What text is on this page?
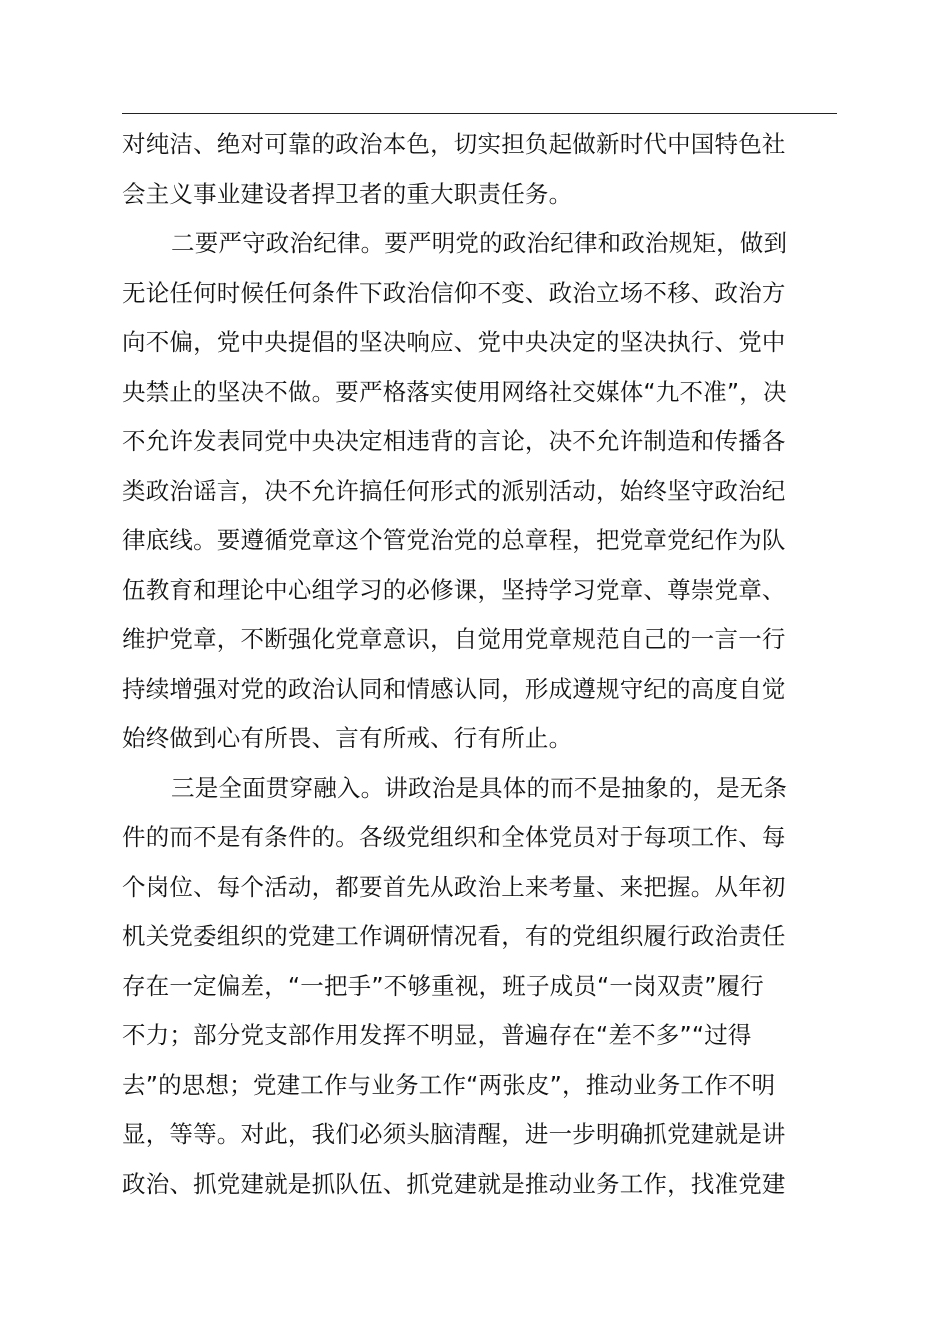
对纯洁、绝对可靠的政治本色，切实担负起做新时代中国特色社
会主义事业建设者捍卫者的重大职责任务。
二要严守政治纪律。要严明党的政治纪律和政治规矩，做到
无论任何时候任何条件下政治信仰不变、政治立场不移、政治方
向不偏，党中央提倡的坚决响应、党中央决定的坚决执行、党中
央禁止的坚决不做。要严格落实使用网络社交媒体“九不准”，决
不允许发表同党中央决定相违背的言论，决不允许制造和传播各
类政治谣言，决不允许搞任何形式的派别活动，始终坚守政治纪
律底线。要遵循党章这个管党治党的总章程，把党章党纪作为队
伍教育和理论中心组学习的必修课，坚持学习党章、尊崇党章、
维护党章，不断强化党章意识，自觉用党章规范自己的一言一行
持续增强对党的政治认同和情感认同，形成遵规守纪的高度自觉
始终做到心有所畏、言有所戒、行有所止。
三是全面贯穿融入。讲政治是具体的而不是抽象的，是无条
件的而不是有条件的。各级党组织和全体党员对于每项工作、每
个岗位、每个活动，都要首先从政治上来考量、来把握。从年初
机关党委组织的党建工作调研情况看，有的党组织履行政治责任
存在一定偏差，“一把手”不够重视，班子成员“一岗双责”履行
不力；部分党支部作用发挥不明显，普遍存在“差不多”“过得
去”的思想；党建工作与业务工作“两张皮”，推动业务工作不明
显，等等。对此，我们必须头脑清醒，进一步明确抓党建就是讲
政治、抓党建就是抓队伍、抓党建就是推动业务工作，找准党建
